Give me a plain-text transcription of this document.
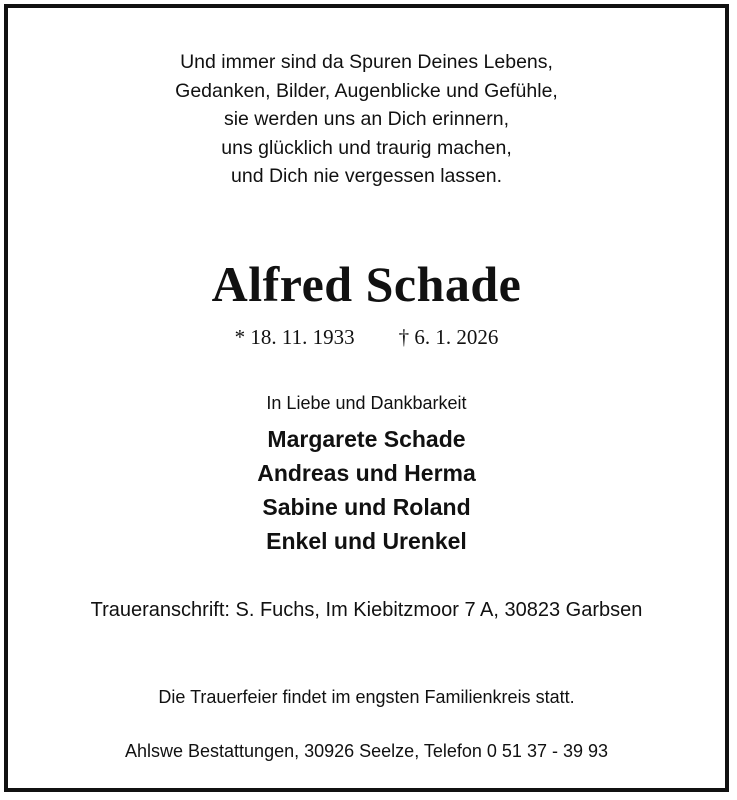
Und immer sind da Spuren Deines Lebens,
Gedanken, Bilder, Augenblicke und Gefühle,
sie werden uns an Dich erinnern,
uns glücklich und traurig machen,
und Dich nie vergessen lassen.
Alfred Schade
* 18. 11. 1933 † 6. 1. 2026
In Liebe und Dankbarkeit
Margarete Schade
Andreas und Herma
Sabine und Roland
Enkel und Urenkel
Traueranschrift: S. Fuchs, Im Kiebitzmoor 7 A, 30823 Garbsen
Die Trauerfeier findet im engsten Familienkreis statt.
Ahlswe Bestattungen, 30926 Seelze, Telefon 0 51 37 - 39 93
